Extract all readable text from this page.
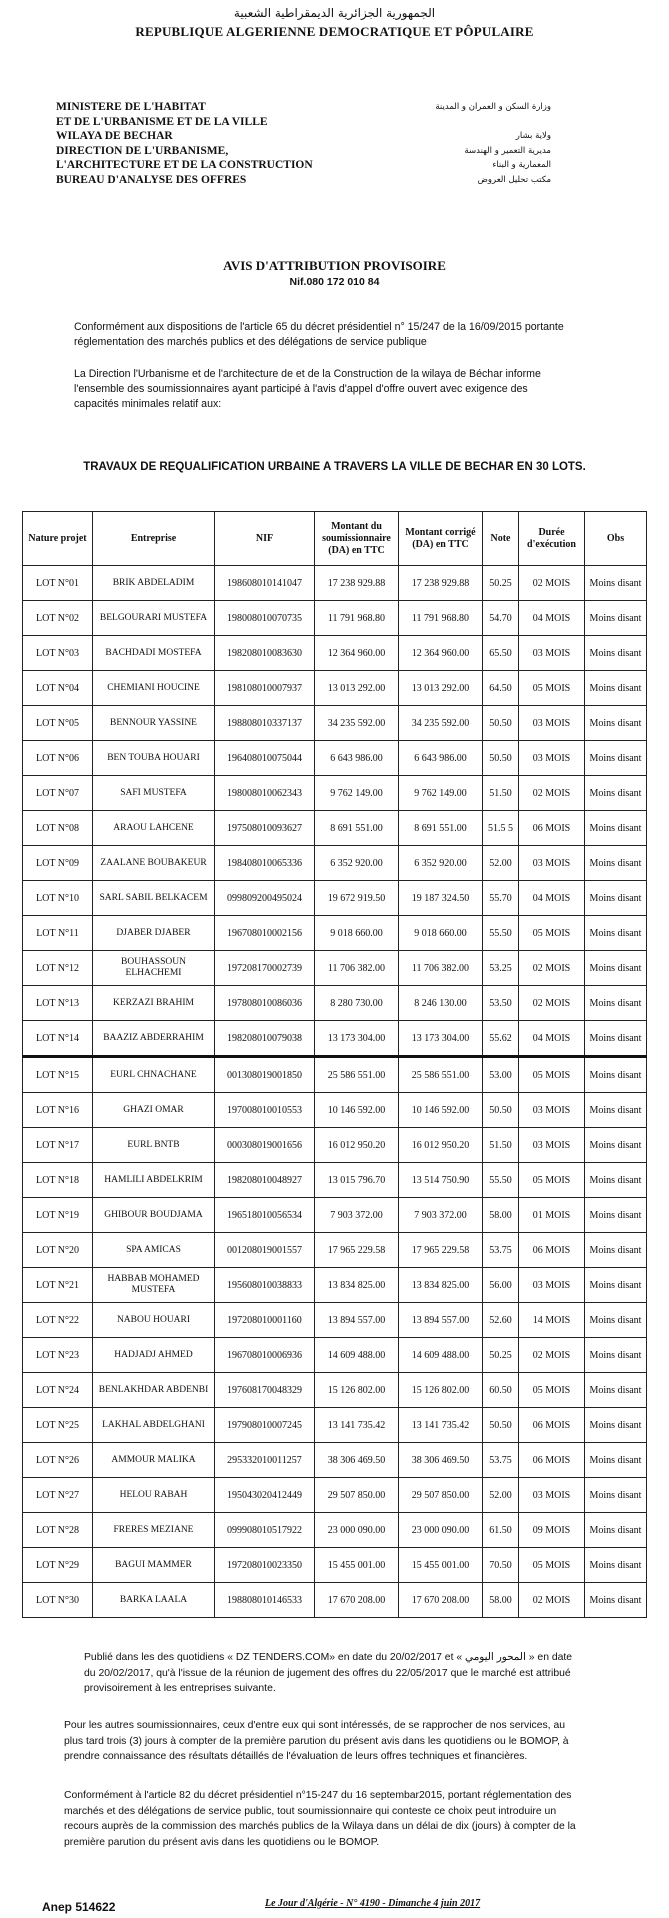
الجمهورية الجزائرية الديمقراطية الشعبية
REPUBLIQUE ALGERIENNE DEMOCRATIQUE ET PÔPULAIRE
MINISTERE DE L'HABITAT
ET DE L'URBANISME ET DE LA VILLE
WILAYA DE BECHAR
DIRECTION DE L'URBANISME,
L'ARCHITECTURE ET DE LA CONSTRUCTION
BUREAU D'ANALYSE DES OFFRES
وزارة السكن و العمران و المدينة

ولاية بشار
مديرية التعمير و الهندسة
المعمارية و البناء
مكتب تحليل العروض
AVIS D'ATTRIBUTION PROVISOIRE
Nif.080 172 010 84
Conformément aux dispositions de l'article 65 du décret présidentiel n° 15/247 de la 16/09/2015 portante réglementation des marchés publics et des délégations de service publique
La Direction l'Urbanisme et de l'architecture de et de la Construction de la wilaya de Béchar informe l'ensemble des soumissionnaires ayant participé à l'avis d'appel d'offre ouvert avec exigence des capacités minimales relatif aux:
TRAVAUX DE REQUALIFICATION URBAINE A TRAVERS LA VILLE DE BECHAR EN 30 LOTS.
Nature projet	Entreprise	NIF	Montant du soumissionnaire (DA) en TTC	Montant corrigé (DA) en TTC	Note	Durée d'exécution	Obs
LOT N°01	BRIK ABDELADIM	198608010141047	17 238 929.88	17 238 929.88	50.25	02 MOIS	Moins disant
LOT N°02	BELGOURARI MUSTEFA	198008010070735	11 791 968.80	11 791 968.80	54.70	04 MOIS	Moins disant
LOT N°03	BACHDADI MOSTEFA	198208010083630	12 364 960.00	12 364 960.00	65.50	03 MOIS	Moins disant
LOT N°04	CHEMIANI HOUCINE	198108010007937	13 013 292.00	13 013 292.00	64.50	05 MOIS	Moins disant
LOT N°05	BENNOUR YASSINE	198808010337137	34 235 592.00	34 235 592.00	50.50	03 MOIS	Moins disant
LOT N°06	BEN TOUBA HOUARI	196408010075044	6 643 986.00	6 643 986.00	50.50	03 MOIS	Moins disant
LOT N°07	SAFI MUSTEFA	198008010062343	9 762 149.00	9 762 149.00	51.50	02 MOIS	Moins disant
LOT N°08	ARAOU LAHCENE	197508010093627	8 691 551.00	8 691 551.00	51.5 5	06 MOIS	Moins disant
LOT N°09	ZAALANE BOUBAKEUR	198408010065336	6 352 920.00	6 352 920.00	52.00	03 MOIS	Moins disant
LOT N°10	SARL SABIL BELKACEM	099809200495024	19 672 919.50	19 187 324.50	55.70	04 MOIS	Moins disant
LOT N°11	DJABER DJABER	196708010002156	9 018 660.00	9 018 660.00	55.50	05 MOIS	Moins disant
LOT N°12	BOUHASSOUN ELHACHEMI	197208170002739	11 706 382.00	11 706 382.00	53.25	02 MOIS	Moins disant
LOT N°13	KERZAZI BRAHIM	197808010086036	8 280 730.00	8 246 130.00	53.50	02 MOIS	Moins disant
LOT N°14	BAAZIZ ABDERRAHIM	198208010079038	13 173 304.00	13 173 304.00	55.62	04 MOIS	Moins disant
LOT N°15	EURL CHNACHANE	001308019001850	25 586 551.00	25 586 551.00	53.00	05 MOIS	Moins disant
LOT N°16	GHAZI OMAR	197008010010553	10 146 592.00	10 146 592.00	50.50	03 MOIS	Moins disant
LOT N°17	EURL BNTB	000308019001656	16 012 950.20	16 012 950.20	51.50	03 MOIS	Moins disant
LOT N°18	HAMLILI ABDELKRIM	198208010048927	13 015 796.70	13 514 750.90	55.50	05 MOIS	Moins disant
LOT N°19	GHIBOUR BOUDJAMA	196518010056534	7 903 372.00	7 903 372.00	58.00	01 MOIS	Moins disant
LOT N°20	SPA AMICAS	001208019001557	17 965 229.58	17 965 229.58	53.75	06 MOIS	Moins disant
LOT N°21	HABBAB MOHAMED MUSTEFA	195608010038833	13 834 825.00	13 834 825.00	56.00	03 MOIS	Moins disant
LOT N°22	NABOU HOUARI	197208010001160	13 894 557.00	13 894 557.00	52.60	14 MOIS	Moins disant
LOT N°23	HADJADJ AHMED	196708010006936	14 609 488.00	14 609 488.00	50.25	02 MOIS	Moins disant
LOT N°24	BENLAKHDAR ABDENBI	197608170048329	15 126 802.00	15 126 802.00	60.50	05 MOIS	Moins disant
LOT N°25	LAKHAL ABDELGHANI	197908010007245	13 141 735.42	13 141 735.42	50.50	06 MOIS	Moins disant
LOT N°26	AMMOUR MALIKA	295332010011257	38 306 469.50	38 306 469.50	53.75	06 MOIS	Moins disant
LOT N°27	HELOU RABAH	195043020412449	29 507 850.00	29 507 850.00	52.00	03 MOIS	Moins disant
LOT N°28	FRERES MEZIANE	099908010517922	23 000 090.00	23 000 090.00	61.50	09 MOIS	Moins disant
LOT N°29	BAGUI MAMMER	197208010023350	15 455 001.00	15 455 001.00	70.50	05 MOIS	Moins disant
LOT N°30	BARKA LAALA	198808010146533	17 670 208.00	17 670 208.00	58.00	02 MOIS	Moins disant
Publié dans les des quotidiens « DZ TENDERS.COM» en date du 20/02/2017 et « المحور اليومي » en date du 20/02/2017, qu'à l'issue de la réunion de jugement des offres du 22/05/2017 que le marché est attribué provisoirement à les entreprises suivante.
Pour les autres soumissionnaires, ceux d'entre eux qui sont intéressés, de se rapprocher de nos services, au plus tard trois (3) jours à compter de la première parution du présent avis dans les quotidiens ou le BOMOP, à prendre connaissance des résultats détaillés de l'évaluation de leurs offres techniques et financières.
Conformément à l'article 82 du décret présidentiel n°15-247 du 16 septembar2015, portant réglementation des marchés et des délégations de service public, tout soumissionnaire qui conteste ce choix peut introduire un recours auprès de la commission des marchés publics de la Wilaya dans un délai de dix (jours) à compter de la première parution du présent avis dans les quotidiens ou le BOMOP.
Anep 514622	Le Jour d'Algérie - N° 4190 - Dimanche 4 juin 2017
